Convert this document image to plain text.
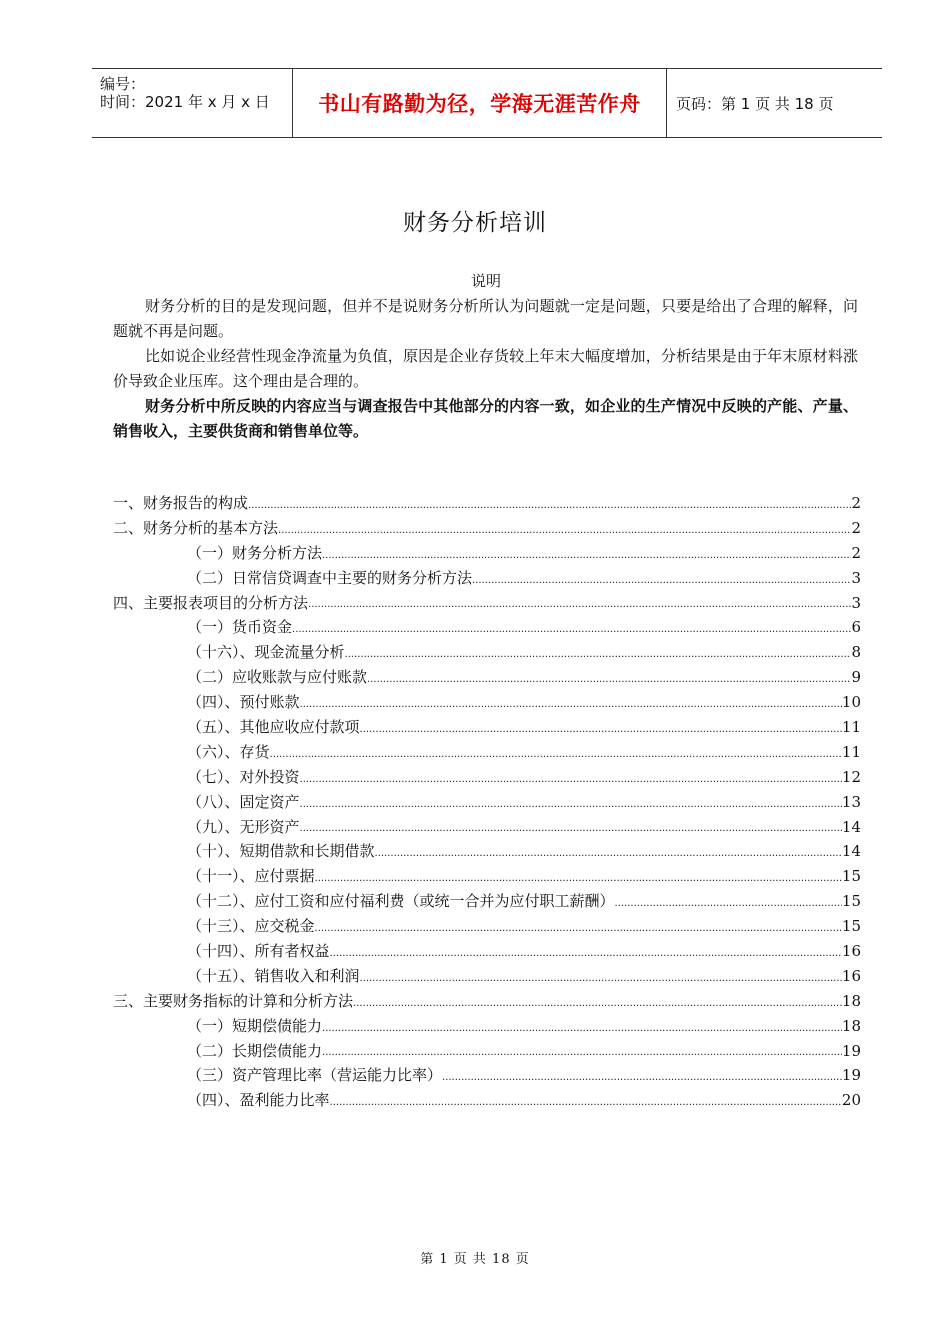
编号：
时间：2021 年 x 月 x 日	书山有路勤为径，学海无涯苦作舟	页码：第 1 页 共 18 页
财务分析培训
说明
财务分析的目的是发现问题，但并不是说财务分析所认为问题就一定是问题，只要是给出了合理的解释，问题就不再是问题。
比如说企业经营性现金净流量为负值，原因是企业存货较上年末大幅度增加，分析结果是由于年末原材料涨价导致企业压库。这个理由是合理的。
财务分析中所反映的内容应当与调查报告中其他部分的内容一致，如企业的生产情况中反映的产能、产量、销售收入，主要供货商和销售单位等。
一、财务报告的构成 .....	2
二、财务分析的基本方法 .....	2
（一）财务分析方法 .....	2
（二）日常信贷调查中主要的财务分析方法 .....	3
四、主要报表项目的分析方法 .....	3
（一）货币资金 .....	6
（十六）、现金流量分析 .....	8
（二）应收账款与应付账款 .....	9
（四）、预付账款 .....	10
（五）、其他应收应付款项 .....	11
（六）、存货 .....	11
（七）、对外投资 .....	12
（八）、固定资产 .....	13
（九）、无形资产 .....	14
（十）、短期借款和长期借款 .....	14
（十一）、应付票据 .....	15
（十二）、应付工资和应付福利费（或统一合并为应付职工薪酬） .....	15
（十三）、应交税金 .....	15
（十四）、所有者权益 .....	16
（十五）、销售收入和利润 .....	16
三、主要财务指标的计算和分析方法 .....	18
（一）短期偿债能力 .....	18
（二）长期偿债能力 .....	19
（三）资产管理比率（营运能力比率） .....	19
（四）、盈利能力比率 .....	20
第 1 页 共 18 页
